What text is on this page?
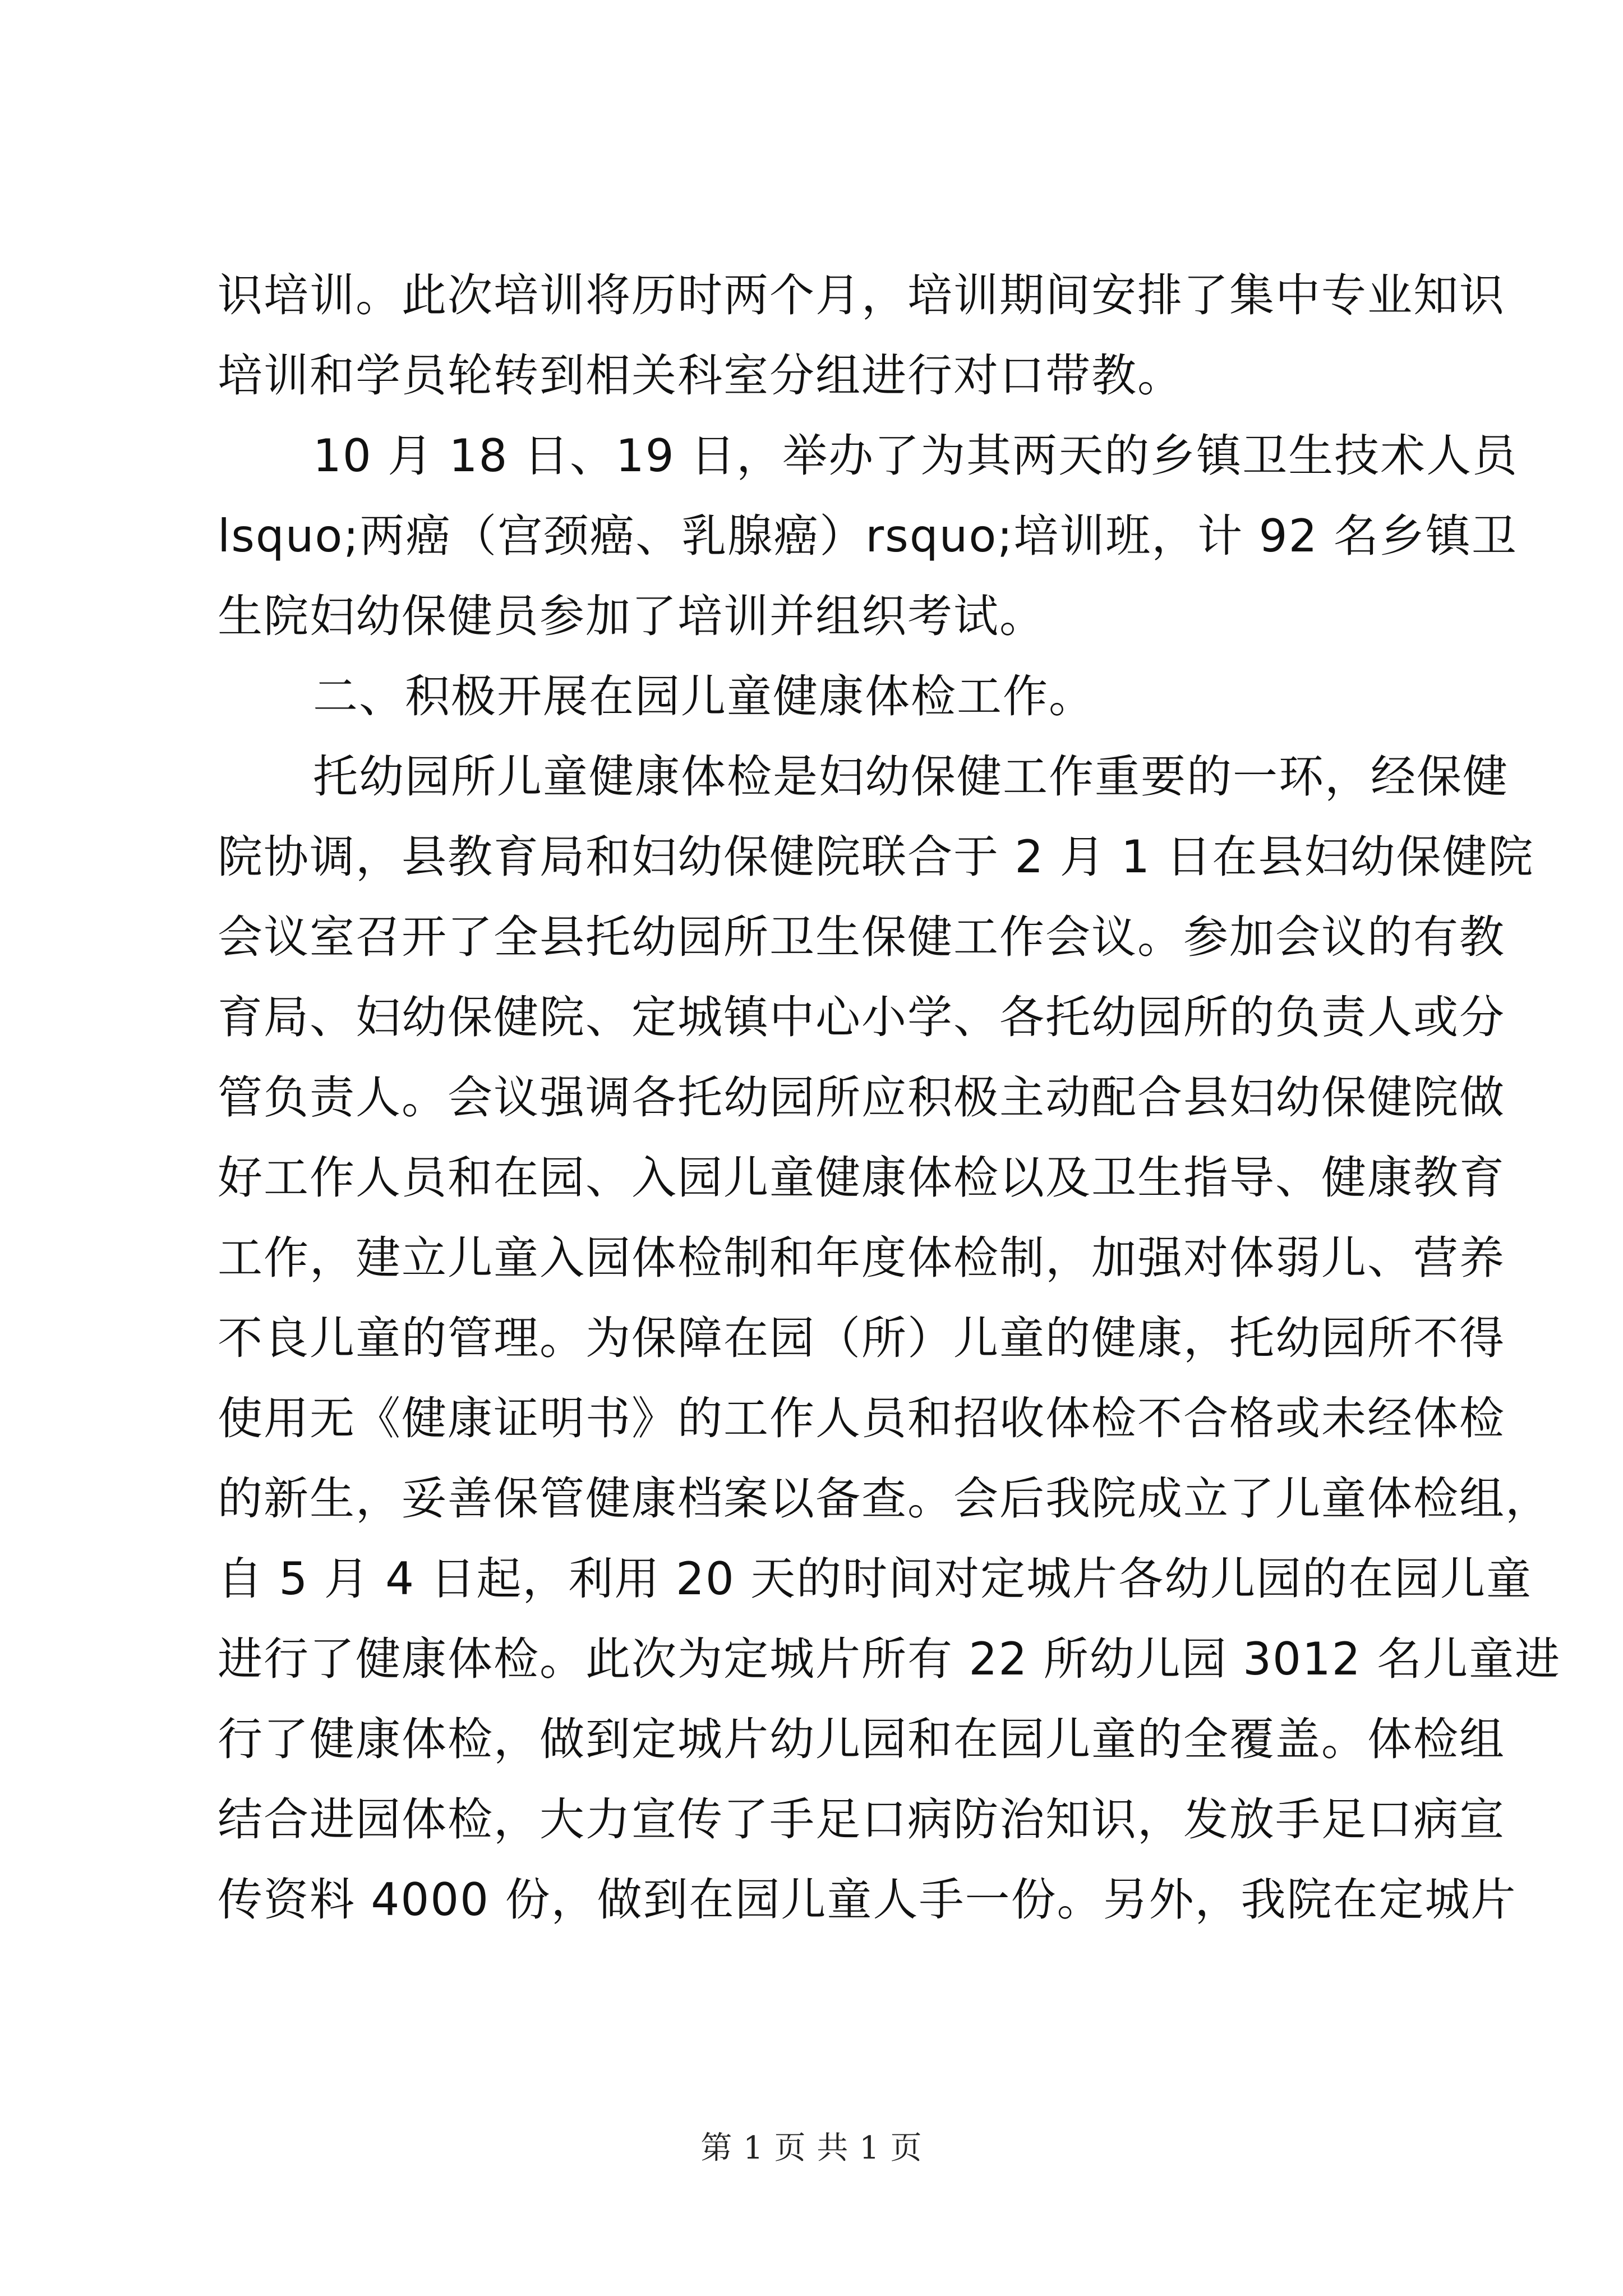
识培训。此次培训将历时两个月，培训期间安排了集中专业知识
培训和学员轮转到相关科室分组进行对口带教。
10 月 18 日、19 日，举办了为其两天的乡镇卫生技术人员
lsquo;两癌（宫颈癌、乳腺癌）rsquo;培训班，计 92 名乡镇卫
生院妇幼保健员参加了培训并组织考试。
二、积极开展在园儿童健康体检工作。
托幼园所儿童健康体检是妇幼保健工作重要的一环，经保健
院协调，县教育局和妇幼保健院联合于 2 月 1 日在县妇幼保健院
会议室召开了全县托幼园所卫生保健工作会议。参加会议的有教
育局、妇幼保健院、定城镇中心小学、各托幼园所的负责人或分
管负责人。会议强调各托幼园所应积极主动配合县妇幼保健院做
好工作人员和在园、入园儿童健康体检以及卫生指导、健康教育
工作，建立儿童入园体检制和年度体检制，加强对体弱儿、营养
不良儿童的管理。为保障在园（所）儿童的健康，托幼园所不得
使用无《健康证明书》的工作人员和招收体检不合格或未经体检
的新生，妥善保管健康档案以备查。会后我院成立了儿童体检组，
自 5 月 4 日起，利用 20 天的时间对定城片各幼儿园的在园儿童
进行了健康体检。此次为定城片所有 22 所幼儿园 3012 名儿童进
行了健康体检，做到定城片幼儿园和在园儿童的全覆盖。体检组
结合进园体检，大力宣传了手足口病防治知识，发放手足口病宣
传资料 4000 份，做到在园儿童人手一份。另外，我院在定城片
第 1 页 共 1 页
